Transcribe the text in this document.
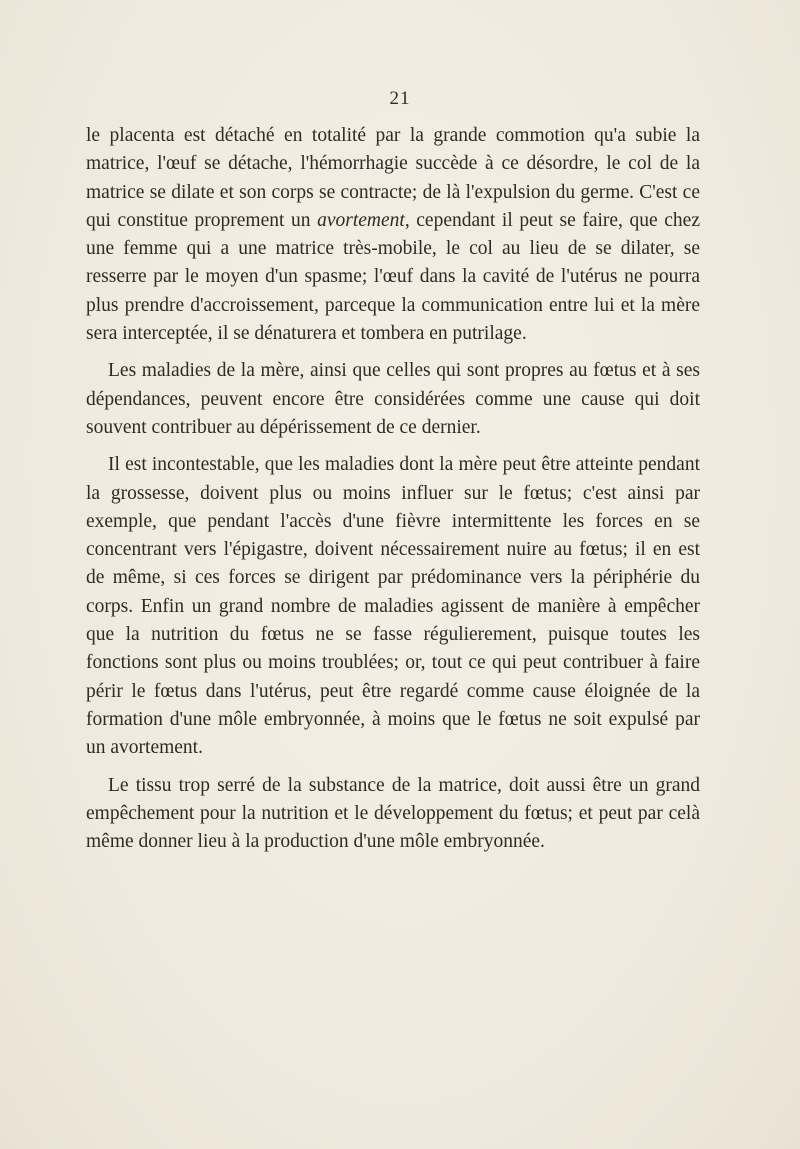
21

le placenta est détaché en totalité par la grande commotion qu'a subie la matrice, l'œuf se détache, l'hémorrhagie succède à ce désordre, le col de la matrice se dilate et son corps se contracte; de là l'expulsion du germe. C'est ce qui constitue proprement un avortement, cependant il peut se faire, que chez une femme qui a une matrice très-mobile, le col au lieu de se dilater, se resserre par le moyen d'un spasme; l'œuf dans la cavité de l'utérus ne pourra plus prendre d'accroissement, parceque la communication entre lui et la mère sera interceptée, il se dénaturera et tombera en putrilage.

Les maladies de la mère, ainsi que celles qui sont propres au fœtus et à ses dépendances, peuvent encore être considérées comme une cause qui doit souvent contribuer au dépérissement de ce dernier.

Il est incontestable, que les maladies dont la mère peut être atteinte pendant la grossesse, doivent plus ou moins influer sur le fœtus; c'est ainsi par exemple, que pendant l'accès d'une fièvre intermittente les forces en se concentrant vers l'épigastre, doivent nécessairement nuire au fœtus; il en est de même, si ces forces se dirigent par prédominance vers la périphérie du corps. Enfin un grand nombre de maladies agissent de manière à empêcher que la nutrition du fœtus ne se fasse régulierement, puisque toutes les fonctions sont plus ou moins troublées; or, tout ce qui peut contribuer à faire périr le fœtus dans l'utérus, peut être regardé comme cause éloignée de la formation d'une môle embryonnée, à moins que le fœtus ne soit expulsé par un avortement.

Le tissu trop serré de la substance de la matrice, doit aussi être un grand empêchement pour la nutrition et le développement du fœtus; et peut par celà même donner lieu à la production d'une môle embryonnée.
